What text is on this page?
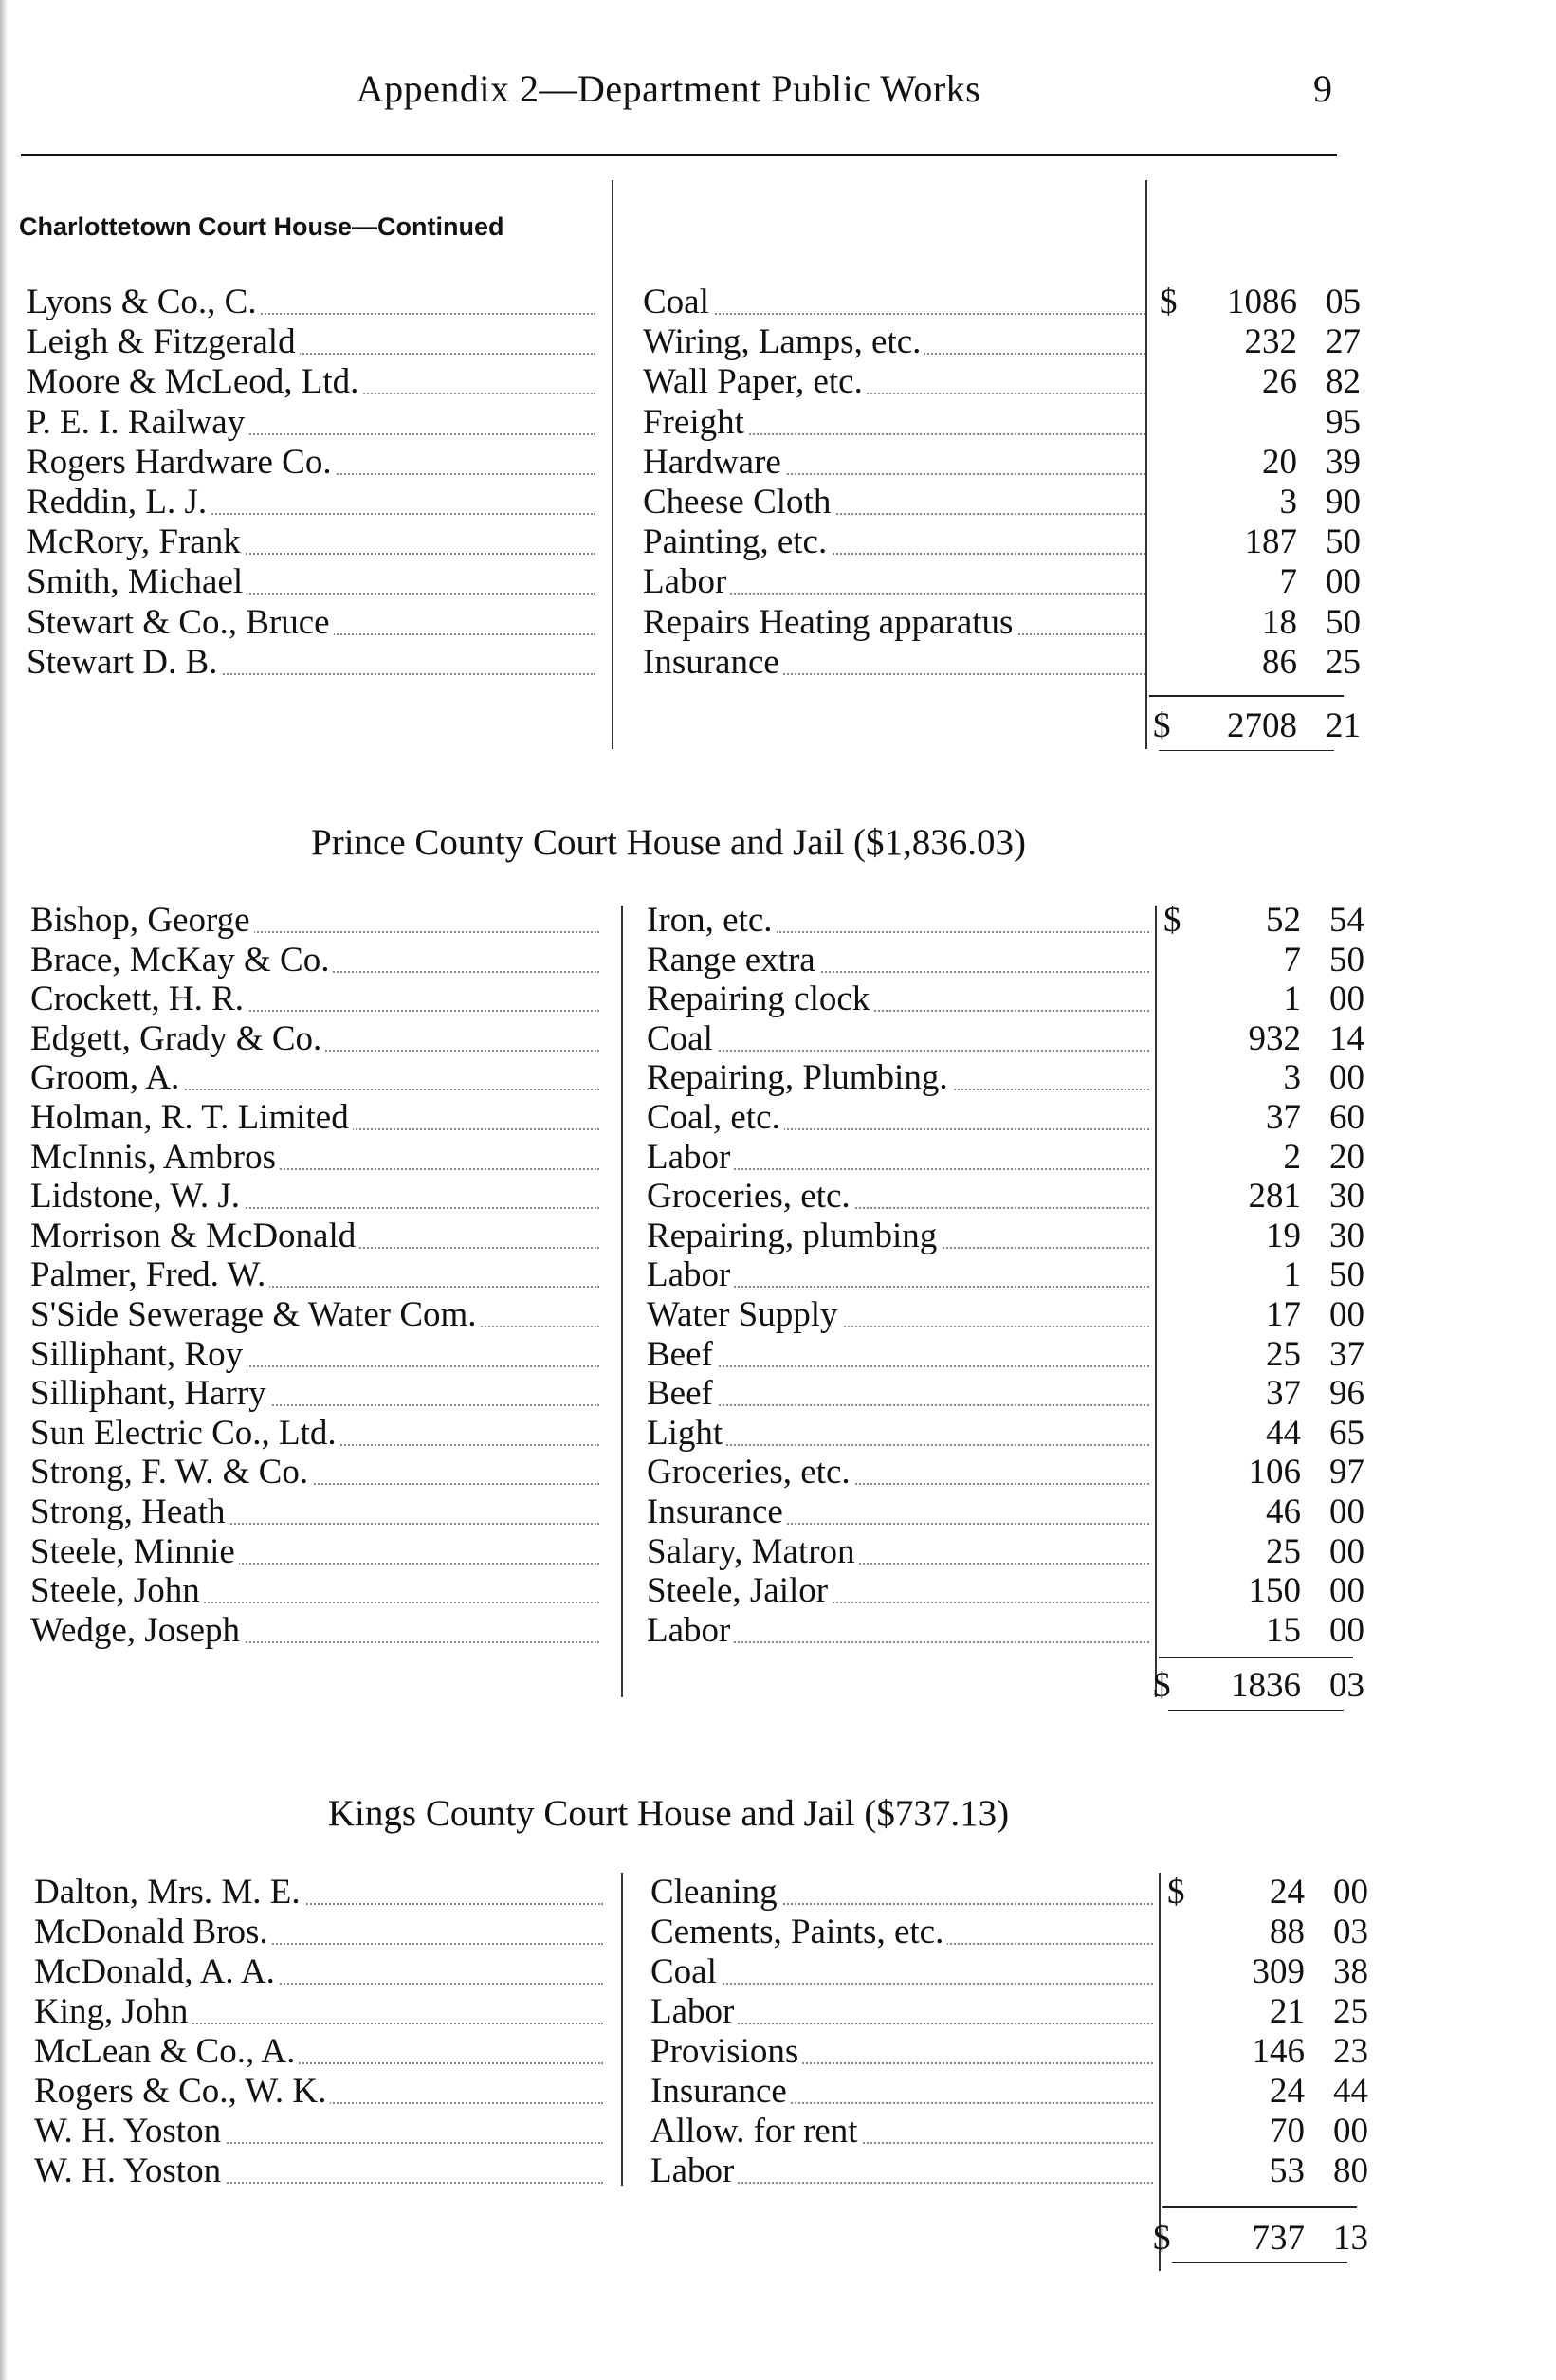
Appendix 2—Department Public Works	9
Charlottetown Court House—Continued
Lyons & Co., C.	Coal	$	1086 05
Leigh & Fitzgerald	Wiring, Lamps, etc.	232 27
Moore & McLeod, Ltd.	Wall Paper, etc.	26 82
P. E. I. Railway	Freight	95
Rogers Hardware Co.	Hardware	20 39
Reddin, L. J.	Cheese Cloth	3 90
McRory, Frank	Painting, etc.	187 50
Smith, Michael	Labor	7 00
Stewart & Co., Bruce	Repairs Heating apparatus	18 50
Stewart D. B.	Insurance	86 25
$	2708 21
Prince County Court House and Jail ($1,836.03)
Bishop, George	Iron, etc.	$	52 54
Brace, McKay & Co.	Range extra	7 50
Crockett, H. R.	Repairing clock	1 00
Edgett, Grady & Co.	Coal	932 14
Groom, A.	Repairing, Plumbing.	3 00
Holman, R. T. Limited	Coal, etc.	37 60
McInnis, Ambros	Labor	2 20
Lidstone, W. J.	Groceries, etc.	281 30
Morrison & McDonald	Repairing, plumbing	19 30
Palmer, Fred. W.	Labor	1 50
S'Side Sewerage & Water Com.	Water Supply	17 00
Silliphant, Roy	Beef	25 37
Silliphant, Harry	Beef	37 96
Sun Electric Co., Ltd.	Light	44 65
Strong, F. W. & Co.	Groceries, etc.	106 97
Strong, Heath	Insurance	46 00
Steele, Minnie	Salary, Matron	25 00
Steele, John	Steele, Jailor	150 00
Wedge, Joseph	Labor	15 00
$	1836 03
Kings County Court House and Jail ($737.13)
Dalton, Mrs. M. E.	Cleaning	$	24 00
McDonald Bros.	Cements, Paints, etc.	88 03
McDonald, A. A.	Coal	309 38
King, John	Labor	21 25
McLean & Co., A.	Provisions	146 23
Rogers & Co., W. K.	Insurance	24 44
W. H. Yoston	Allow. for rent	70 00
W. H. Yoston	Labor	53 80
$	737 13
